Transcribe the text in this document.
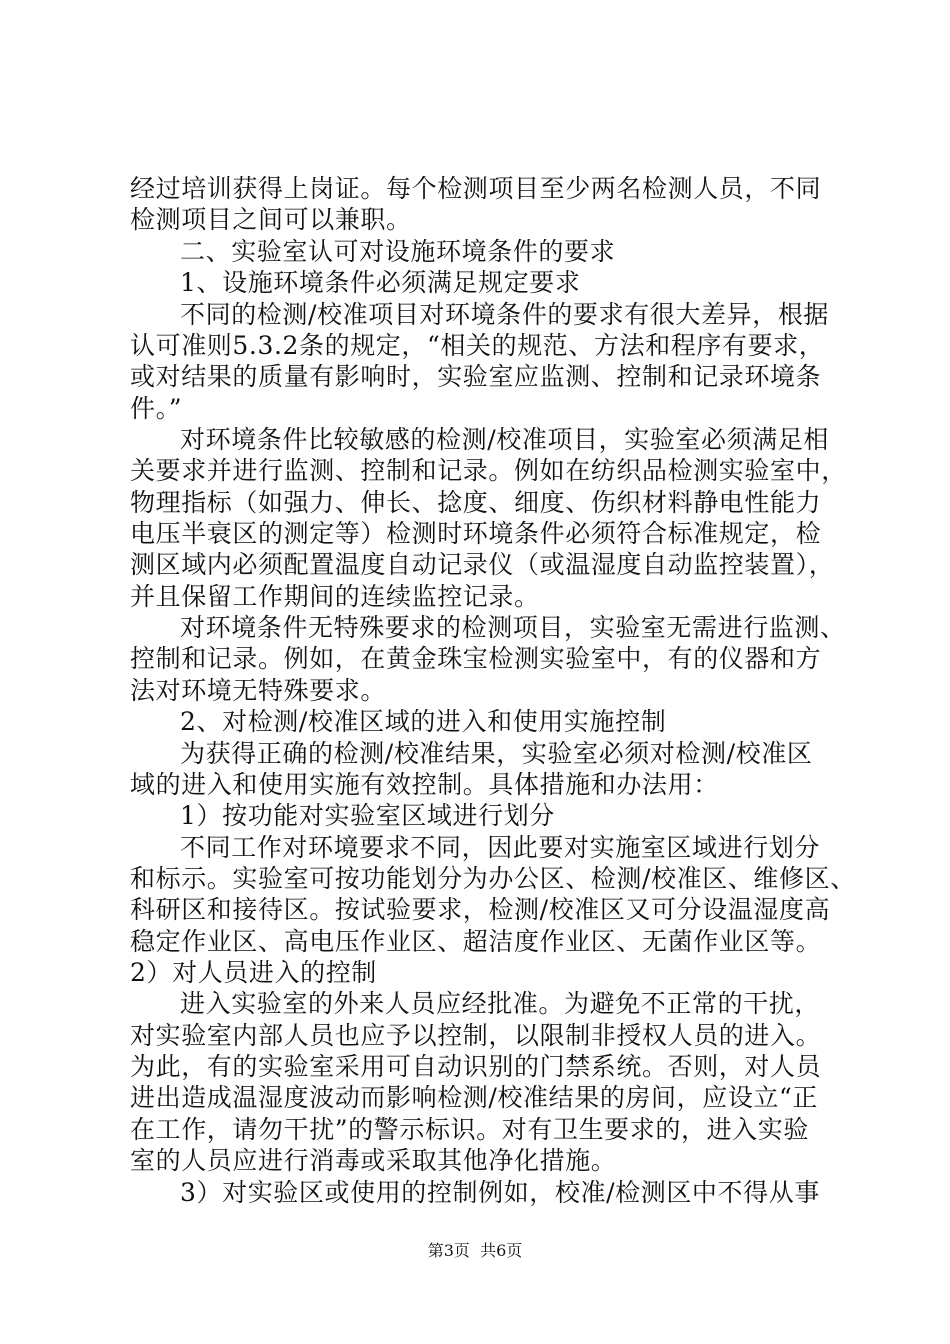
经过培训获得上岗证。每个检测项目至少两名检测人员，不同
检测项目之间可以兼职。
二、实验室认可对设施环境条件的要求
1、设施环境条件必须满足规定要求
不同的检测/校准项目对环境条件的要求有很大差异，根据
认可准则5.3.2条的规定，“相关的规范、方法和程序有要求，
或对结果的质量有影响时，实验室应监测、控制和记录环境条
件。”
对环境条件比较敏感的检测/校准项目，实验室必须满足相
关要求并进行监测、控制和记录。例如在纺织品检测实验室中，
物理指标（如强力、伸长、捻度、细度、伤织材料静电性能力
电压半衰区的测定等）检测时环境条件必须符合标准规定，检
测区域内必须配置温度自动记录仪（或温湿度自动监控装置），
并且保留工作期间的连续监控记录。
对环境条件无特殊要求的检测项目，实验室无需进行监测、
控制和记录。例如，在黄金珠宝检测实验室中，有的仪器和方
法对环境无特殊要求。
2、对检测/校准区域的进入和使用实施控制
为获得正确的检测/校准结果，实验室必须对检测/校准区
域的进入和使用实施有效控制。具体措施和办法用：
1）按功能对实验室区域进行划分
不同工作对环境要求不同，因此要对实施室区域进行划分
和标示。实验室可按功能划分为办公区、检测/校准区、维修区、
科研区和接待区。按试验要求，检测/校准区又可分设温湿度高
稳定作业区、高电压作业区、超洁度作业区、无菌作业区等。
2）对人员进入的控制
进入实验室的外来人员应经批准。为避免不正常的干扰，
对实验室内部人员也应予以控制，以限制非授权人员的进入。
为此，有的实验室采用可自动识别的门禁系统。否则，对人员
进出造成温湿度波动而影响检测/校准结果的房间，应设立“正
在工作，请勿干扰”的警示标识。对有卫生要求的，进入实验
室的人员应进行消毒或采取其他净化措施。
3）对实验区或使用的控制例如，校准/检测区中不得从事
第3页  共6页
